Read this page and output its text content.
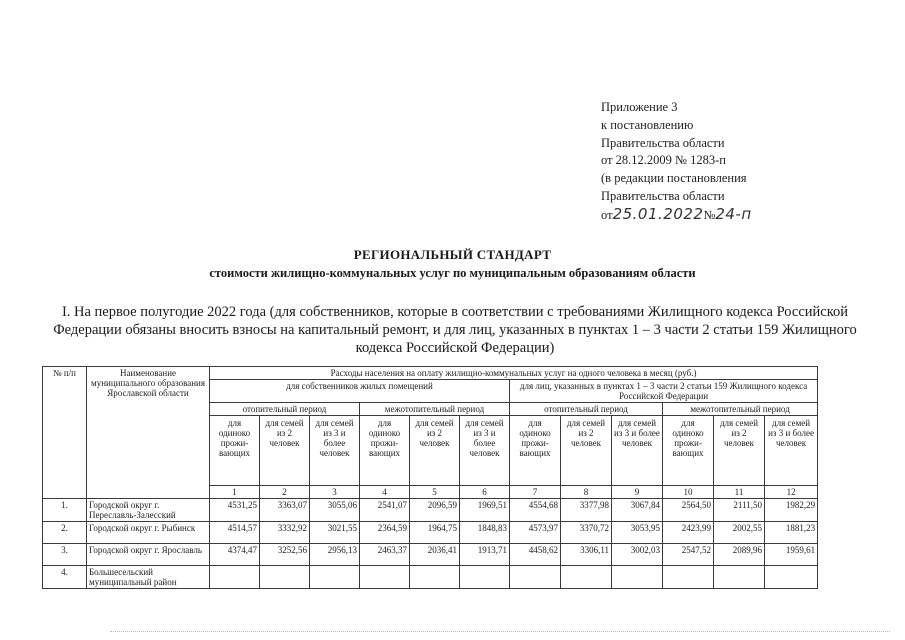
Приложение 3
к постановлению
Правительства области
от 28.12.2009 № 1283-п
(в редакции постановления
Правительства области
от25.01.2022№24-п
РЕГИОНАЛЬНЫЙ СТАНДАРТ
стоимости жилищно-коммунальных услуг по муниципальным образованиям области
I. На первое полугодие 2022 года (для собственников, которые в соответствии с требованиями Жилищного кодекса Российской Федерации обязаны вносить взносы на капитальный ремонт, и для лиц, указанных в пунктах 1 – 3 части 2 статьи 159 Жилищного кодекса Российской Федерации)
№ п/п	Наименование муниципального образования Ярославской области	Расходы населения на оплату жилищно-коммунальных услуг на одного человека в месяц (руб.)												
		для собственников жилых помещений						для лиц, указанных в пунктах 1 – 3 части 2 статьи 159 Жилищного кодекса Российской Федерации						
		отопительный период			межотопительный период			отопительный период			межотопительный период			
		для одиноко прожи-вающих	для семей из 2 человек	для семей из 3 и более человек	для одиноко прожи-вающих	для семей из 2 человек	для семей из 3 и более человек	для одиноко прожи-вающих	для семей из 2 человек	для семей из 3 и более человек	для одиноко прожи-вающих	для семей из 2 человек	для семей из 3 и более человек	
		1	2	3	4	5	6	7	8	9	10	11	12		
1.	Городской округ г. Переславль-Залесский	4531,25	3363,07	3055,06	2541,07	2096,59	1969,51	4554,68	3377,98	3067,84	2564,50	2111,50	1982,29	
2.	Городской округ г. Рыбинск	4514,57	3332,92	3021,55	2364,59	1964,75	1848,83	4573,97	3370,72	3053,95	2423,99	2002,55	1881,23	
3.	Городской округ г. Ярославль	4374,47	3252,56	2956,13	2463,37	2036,41	1913,71	4458,62	3306,11	3002,03	2547,52	2089,96	1959,61	
4.	Большесельский муниципальный район													
